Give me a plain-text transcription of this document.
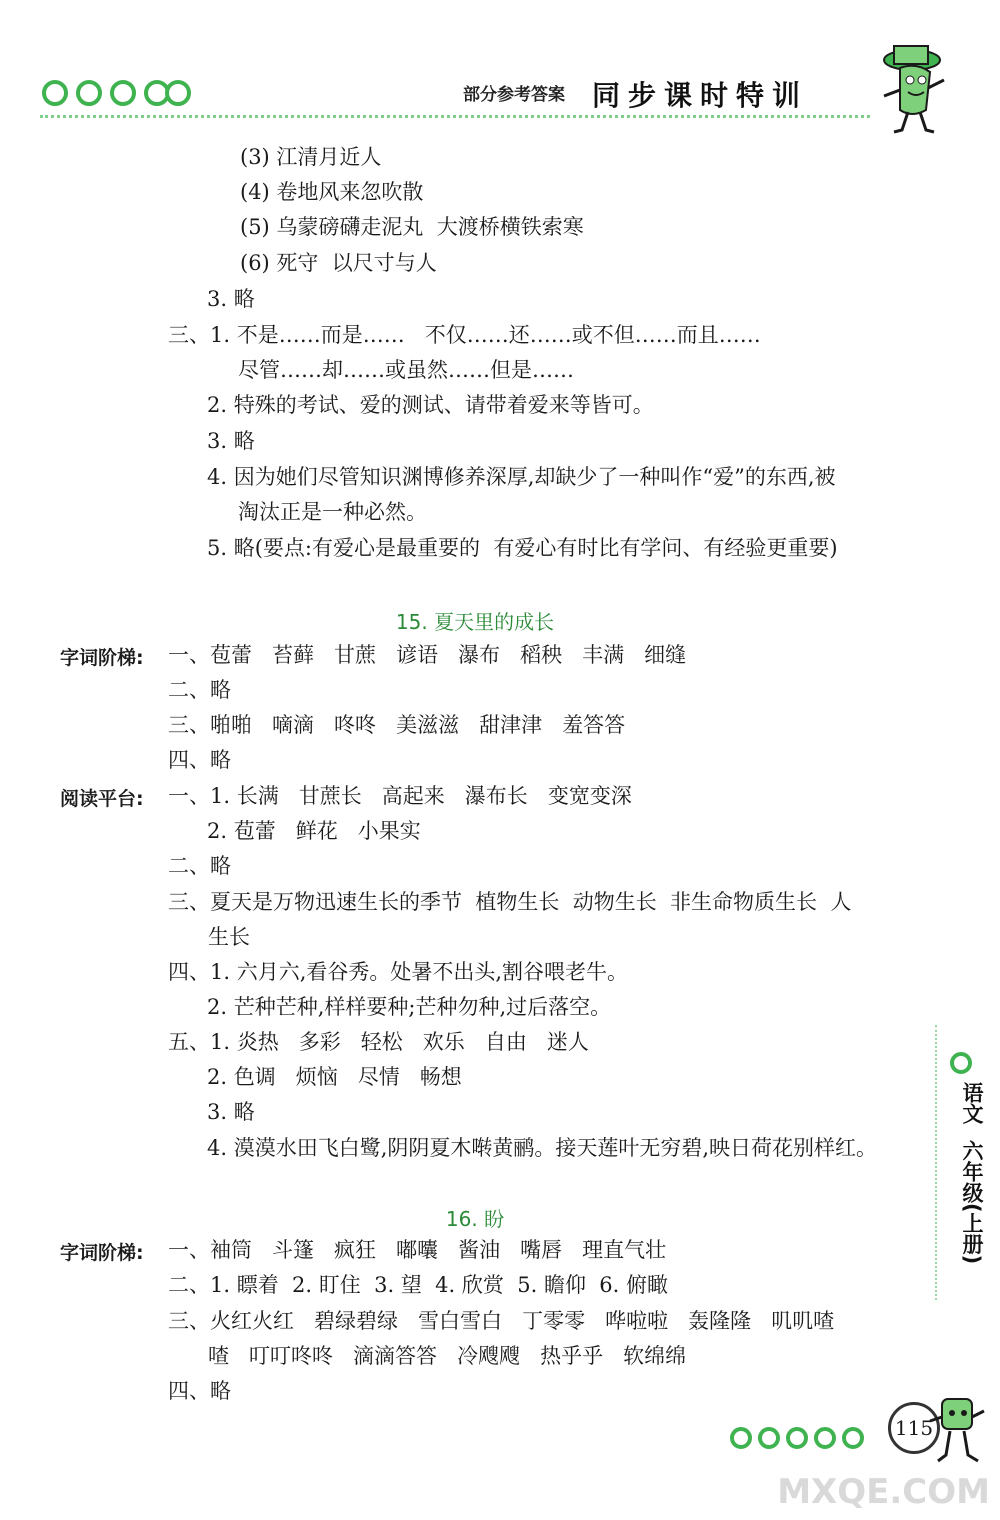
部分参考答案 同步课时特训
(3) 江清月近人
(4) 卷地风来忽吹散
(5) 乌蒙磅礴走泥丸  大渡桥横铁索寒
(6) 死守  以尺寸与人
3. 略
三、1. 不是……而是……   不仅……还……或不但……而且……
尽管……却……或虽然……但是……
2. 特殊的考试、爱的测试、请带着爱来等皆可。
3. 略
4. 因为她们尽管知识渊博修养深厚,却缺少了一种叫作“爱”的东西,被
淘汰正是一种必然。
5. 略(要点:有爱心是最重要的  有爱心有时比有学问、有经验更重要)
15. 夏天里的成长
字词阶梯: 一、苞蕾   苔藓   甘蔗   谚语   瀑布   稻秧   丰满   细缝
二、略
三、啪啪   嘀滴   咚咚   美滋滋   甜津津   羞答答
四、略
阅读平台: 一、1. 长满   甘蔗长   高起来   瀑布长   变宽变深
2. 苞蕾   鲜花   小果实
二、略
三、夏天是万物迅速生长的季节  植物生长  动物生长  非生命物质生长  人
生长
四、1. 六月六,看谷秀。处暑不出头,割谷喂老牛。
2. 芒种芒种,样样要种;芒种勿种,过后落空。
五、1. 炎热   多彩   轻松   欢乐   自由   迷人
2. 色调   烦恼   尽情   畅想
3. 略
4. 漠漠水田飞白鹭,阴阴夏木啭黄鹂。接天莲叶无穷碧,映日荷花别样红。
16. 盼
字词阶梯: 一、袖筒   斗篷   疯狂   嘟囔   酱油   嘴唇   理直气壮
二、1. 瞟着  2. 盯住  3. 望  4. 欣赏  5. 瞻仰  6. 俯瞰
三、火红火红   碧绿碧绿   雪白雪白   丁零零   哗啦啦   轰隆隆   叽叽喳
喳   叮叮咚咚   滴滴答答   冷飕飕   热乎乎   软绵绵
四、略
语文
六年级(上册)
115
MXQE.COM
